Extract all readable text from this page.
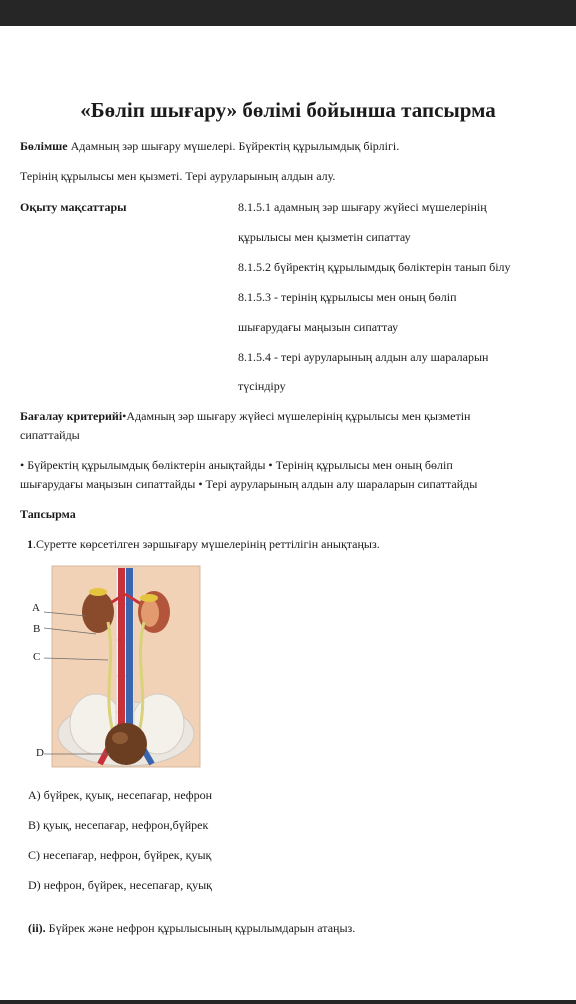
«Бөліп шығару» бөлімі бойынша тапсырма
Бөлімше Адамның зәр шығару мүшелері. Бүйректің құрылымдық бірлігі.
Терінің құрылысы мен қызметі. Тері ауруларының алдын алу.
Оқыту мақсаттары	8.1.5.1 адамның зәр шығару жүйесі мүшелерінің
құрылысы мен қызметін сипаттау
8.1.5.2 бүйректің құрылымдық бөліктерін танып білу
8.1.5.3 - терінің құрылысы мен оның бөліп
шығарудағы маңызын сипаттау
8.1.5.4 - тері ауруларының алдын алу шараларын
түсіндіру
Бағалау критерийі•Адамның зәр шығару жүйесі мүшелерінің құрылысы мен қызметін
сипаттайды
• Бүйректің құрылымдық бөліктерін анықтайды • Терінің құрылысы мен оның бөліп
шығарудағы маңызын сипаттайды • Тері ауруларының алдын алу шараларын сипаттайды
Тапсырма
1.Суретте көрсетілген зәршығару мүшелерінің реттілігін анықтаңыз.
A
B
C
D
A) бүйрек, қуық, несепағар, нефрон
B) қуық, несепағар, нефрон,бүйрек
C) несепағар, нефрон, бүйрек, қуық
D) нефрон, бүйрек, несепағар, қуық
(ii). Бүйрек және нефрон құрылысының құрылымдарын атаңыз.
